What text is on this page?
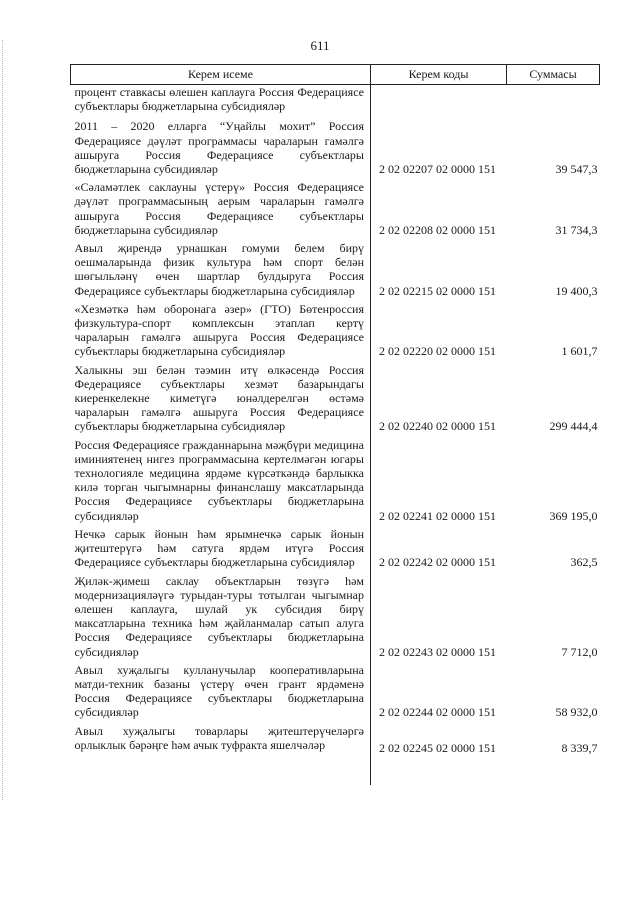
611
Керем исеме	Керем коды	Суммасы
процент ставкасы өлешен каплауга Россия Федерациясе субъектлары бюджетларына субсидияләр		
2011 – 2020 елларга “Уңайлы мохит” Россия Федерациясе дәүләт программасы чараларын гамәлгә ашыруга Россия Федерациясе субъектлары бюджетларына субсидияләр	2 02 02207 02 0000 151	39 547,3
«Сәламәтлек саклауны үстерү» Россия Федерациясе дәүләт программасының аерым чараларын гамәлгә ашыруга Россия Федерациясе субъектлары бюджетларына субсидияләр	2 02 02208 02 0000 151	31 734,3
Авыл җирендә урнашкан гомуми белем бирү оешмаларында физик культура һәм спорт белән шөгыльләнү өчен шартлар булдыруга Россия Федерациясе субъектлары бюджетларына субсидияләр	2 02 02215 02 0000 151	19 400,3
«Хезмәткә һәм оборонага әзер» (ГТО) Бөтенроссия физкультура-спорт комплексын этаплап кертү чараларын гамәлгә ашыруга Россия Федерациясе субъектлары бюджетларына субсидияләр	2 02 02220 02 0000 151	1 601,7
Халыкны эш белән тәэмин итү өлкәсендә Россия Федерациясе субъектлары хезмәт базарындагы киеренкелекне киметүгә юнәлдерелгән өстәмә чараларын гамәлгә ашыруга Россия Федерациясе субъектлары бюджетларына субсидияләр	2 02 02240 02 0000 151	299 444,4
Россия Федерациясе гражданнарына мәҗбүри медицина иминиятенең нигез программасына кертелмәгән югары технологияле медицина ярдәме күрсәткәндә барлыкка килә торган чыгымнарны финанслашу максатларында Россия Федерациясе субъектлары бюджетларына субсидияләр	2 02 02241 02 0000 151	369 195,0
Нечкә сарык йонын һәм ярымнечкә сарык йонын җитештерүгә һәм сатуга ярдәм итүгә Россия Федерациясе субъектлары бюджетларына субсидияләр	2 02 02242 02 0000 151	362,5
Җиләк-җимеш саклау объектларын төзүгә һәм модернизацияләүгә турыдан-туры тотылган чыгымнар өлешен каплауга, шулай ук субсидия бирү максатларына техника һәм җайланмалар сатып алуга Россия Федерациясе субъектлары бюджетларына субсидияләр	2 02 02243 02 0000 151	7 712,0
Авыл хуҗалыгы кулланучылар кооперативларына матди-техник базаны үстерү өчен грант ярдәменә Россия Федерациясе субъектлары бюджетларына субсидияләр	2 02 02244 02 0000 151	58 932,0
Авыл хуҗалыгы товарлары җитештерүчеләргә орлыклык бәрәңге һәм ачык туфракта яшелчәләр	2 02 02245 02 0000 151	8 339,7
